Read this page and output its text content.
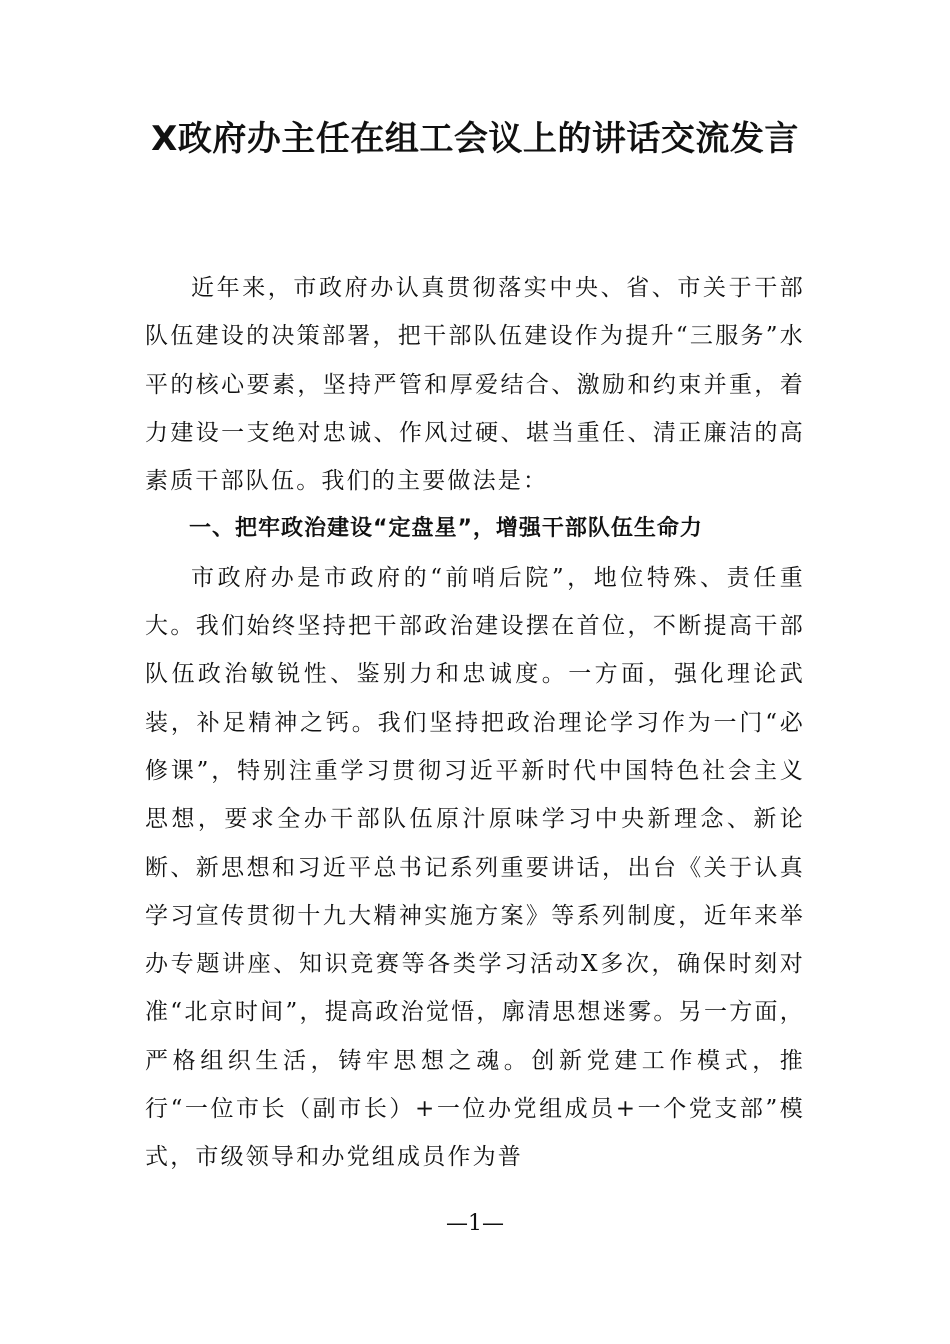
X政府办主任在组工会议上的讲话交流发言

近年来，市政府办认真贯彻落实中央、省、市关于干部队伍建设的决策部署，把干部队伍建设作为提升“三服务”水平的核心要素，坚持严管和厚爱结合、激励和约束并重，着力建设一支绝对忠诚、作风过硬、堪当重任、清正廉洁的高素质干部队伍。我们的主要做法是：

一、把牢政治建设“定盘星”，增强干部队伍生命力

市政府办是市政府的“前哨后院”，地位特殊、责任重大。我们始终坚持把干部政治建设摆在首位，不断提高干部队伍政治敏锐性、鉴别力和忠诚度。一方面，强化理论武装，补足精神之钙。我们坚持把政治理论学习作为一门“必修课”，特别注重学习贯彻习近平新时代中国特色社会主义思想，要求全办干部队伍原汁原味学习中央新理念、新论断、新思想和习近平总书记系列重要讲话，出台《关于认真学习宣传贯彻十九大精神实施方案》等系列制度，近年来举办专题讲座、知识竞赛等各类学习活动X多次，确保时刻对准“北京时间”，提高政治觉悟，廓清思想迷雾。另一方面，严格组织生活，铸牢思想之魂。创新党建工作模式，推行“一位市长（副市长）+一位办党组成员+一个党支部”模式，市级领导和办党组成员作为普

—1—
